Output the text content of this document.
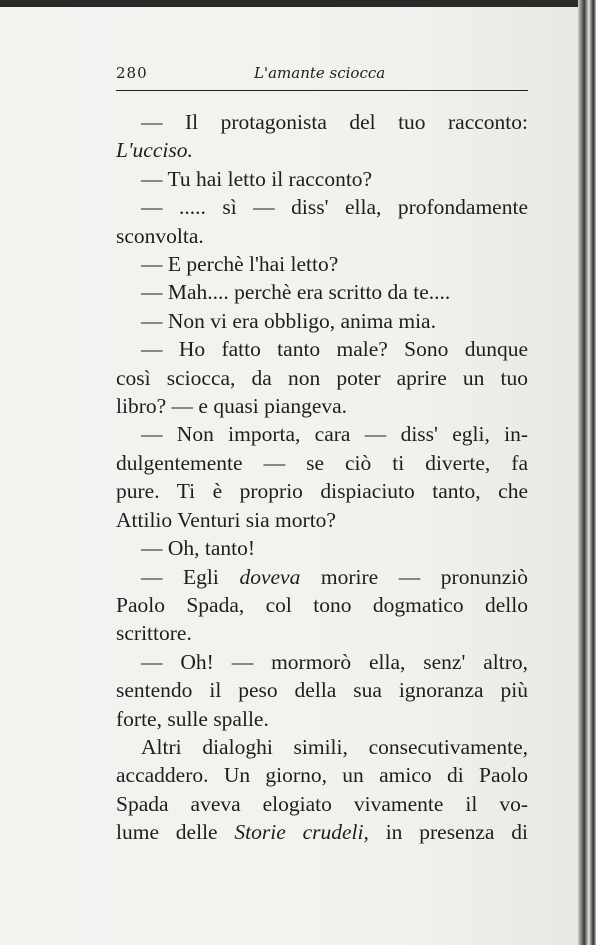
280	L'amante sciocca
— Il protagonista del tuo racconto:
L'ucciso.
— Tu hai letto il racconto?
— ..... sì — diss' ella, profondamente
sconvolta.
— E perchè l'hai letto?
— Mah.... perchè era scritto da te....
— Non vi era obbligo, anima mia.
— Ho fatto tanto male? Sono dunque
così sciocca, da non poter aprire un tuo
libro? — e quasi piangeva.
— Non importa, cara — diss' egli, in-
dulgentemente — se ciò ti diverte, fa
pure. Ti è proprio dispiaciuto tanto, che
Attilio Venturi sia morto?
— Oh, tanto!
— Egli doveva morire — pronunziò
Paolo Spada, col tono dogmatico dello
scrittore.
— Oh! — mormorò ella, senz' altro,
sentendo il peso della sua ignoranza più
forte, sulle spalle.
Altri dialoghi simili, consecutivamente,
accaddero. Un giorno, un amico di Paolo
Spada aveva elogiato vivamente il vo-
lume delle Storie crudeli, in presenza di
